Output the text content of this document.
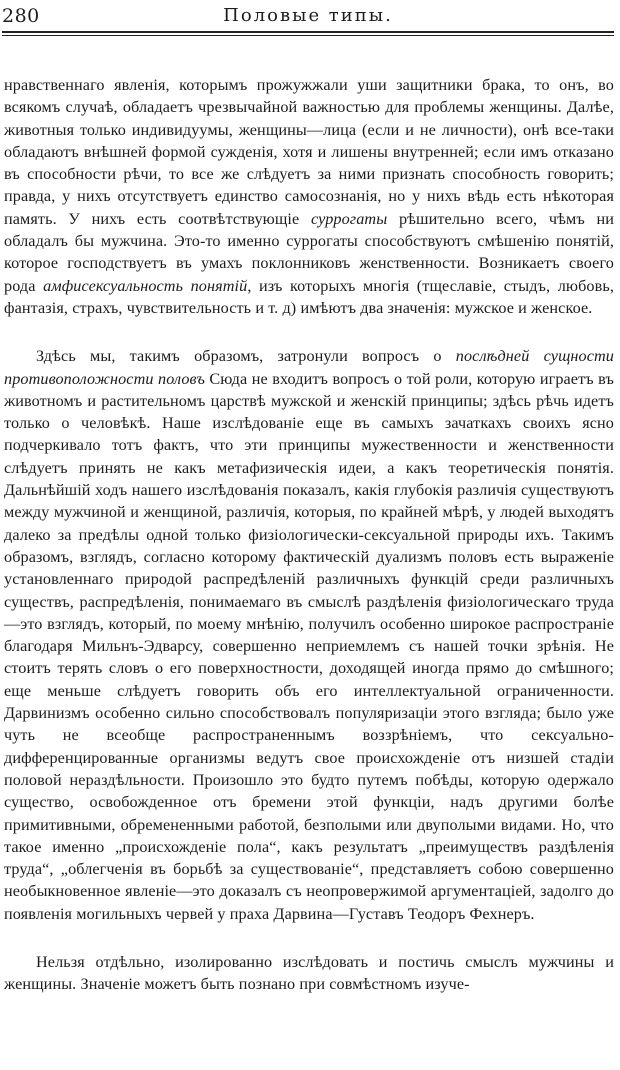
280	Половые типы.

нравственнаго явленія, которымъ прожужжали уши защитники брака, то онъ, во всякомъ случаѣ, обладаетъ чрезвычайной важностью для проблемы женщины. Далѣе, животныя только индивидуумы, женщины—лица (если и не личности), онѣ все-таки обладаютъ внѣшней формой сужденія, хотя и лишены внутренней; если имъ отказано въ способности рѣчи, то все же слѣдуетъ за ними признать способность говорить; правда, у нихъ отсутствуетъ единство самосознанія, но у нихъ вѣдь есть нѣкоторая память. У нихъ есть соотвѣтствующіе суррогаты рѣшительно всего, чѣмъ ни обладалъ бы мужчина. Это-то именно суррогаты способствуютъ смѣшенію понятій, которое господствуетъ въ умахъ поклонниковъ женственности. Возникаетъ своего рода амфисексуальность понятій, изъ которыхъ многія (тщеславіе, стыдъ, любовь, фантазія, страхъ, чувствительность и т. д) имѣютъ два значенія: мужское и женское.

Здѣсь мы, такимъ образомъ, затронули вопросъ о послѣдней сущности противоположности половъ Сюда не входитъ вопросъ о той роли, которую играетъ въ животномъ и растительномъ царствѣ мужской и женскій принципы; здѣсь рѣчь идетъ только о человѣкѣ. Наше изслѣдованіе еще въ самыхъ зачаткахъ своихъ ясно подчеркивало тотъ фактъ, что эти принципы мужественности и женственности слѣдуетъ принять не какъ метафизическія идеи, а какъ теоретическія понятія. Дальнѣйшій ходъ нашего изслѣдованія показалъ, какія глубокія различія существуютъ между мужчиной и женщиной, различія, которыя, по крайней мѣрѣ, у людей выходятъ далеко за предѣлы одной только физіологически-сексуальной природы ихъ. Такимъ образомъ, взглядъ, согласно которому фактическій дуализмъ половъ есть выраженіе установленнаго природой распредѣленій различныхъ функцій среди различныхъ существъ, распредѣленія, понимаемаго въ смыслѣ раздѣленія физіологическаго труда—это взглядъ, который, по моему мнѣнію, получилъ особенно широкое распространіе благодаря Мильнъ-Эдварсу, совершенно неприемлемъ съ нашей точки зрѣнія. Не стоитъ терять словъ о его поверхностности, доходящей иногда прямо до смѣшного; еще меньше слѣдуетъ говорить объ его интеллектуальной ограниченности. Дарвинизмъ особенно сильно способствовалъ популяризаціи этого взгляда; было уже чуть не всеобще распространеннымъ воззрѣніемъ, что сексуально-дифференцированные организмы ведутъ свое происхожденіе отъ низшей стадіи половой нераздѣльности. Произошло это будто путемъ побѣды, которую одержало существо, освобожденное отъ бремени этой функціи, надъ другими болѣе примитивными, обремененными работой, безполыми или двуполыми видами. Но, что такое именно „происхожденіе пола“, какъ результатъ „преимуществъ раздѣленія труда“, „облегченія въ борьбѣ за существованіе“, представляетъ собою совершенно необыкновенное явленіе—это доказалъ съ неопровержимой аргументаціей, задолго до появленія могильныхъ червей у праха Дарвина—Густавъ Теодоръ Фехнеръ.

Нельзя отдѣльно, изолированно изслѣдовать и постичь смыслъ мужчины и женщины. Значеніе можетъ быть познано при совмѣстномъ изуче-
